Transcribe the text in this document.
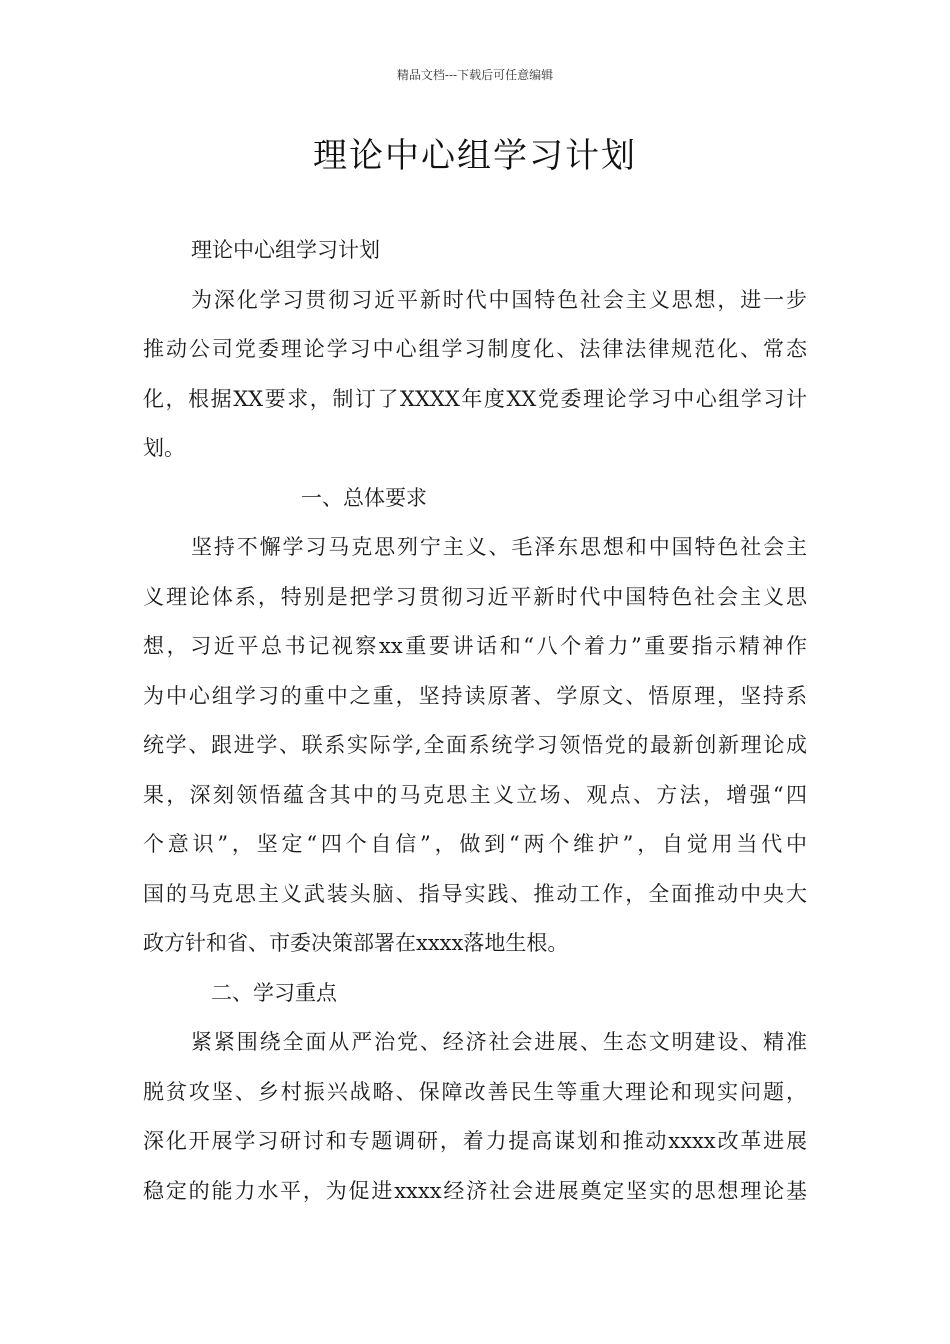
精品文档---下载后可任意编辑
理论中心组学习计划
理论中心组学习计划
为深化学习贯彻习近平新时代中国特色社会主义思想，进一步
推动公司党委理论学习中心组学习制度化、法律法律规范化、常态
化，根据XX要求，制订了XXXX年度XX党委理论学习中心组学习计
划。
一、总体要求
坚持不懈学习马克思列宁主义、毛泽东思想和中国特色社会主
义理论体系，特别是把学习贯彻习近平新时代中国特色社会主义思
想，习近平总书记视察xx重要讲话和“八个着力”重要指示精神作
为中心组学习的重中之重，坚持读原著、学原文、悟原理，坚持系
统学、跟进学、联系实际学,全面系统学习领悟党的最新创新理论成
果，深刻领悟蕴含其中的马克思主义立场、观点、方法，增强“四
个意识”，坚定“四个自信”，做到“两个维护”，自觉用当代中
国的马克思主义武装头脑、指导实践、推动工作，全面推动中央大
政方针和省、市委决策部署在xxxx落地生根。
二、学习重点
紧紧围绕全面从严治党、经济社会进展、生态文明建设、精准
脱贫攻坚、乡村振兴战略、保障改善民生等重大理论和现实问题，
深化开展学习研讨和专题调研，着力提高谋划和推动xxxx改革进展
稳定的能力水平，为促进xxxx经济社会进展奠定坚实的思想理论基
